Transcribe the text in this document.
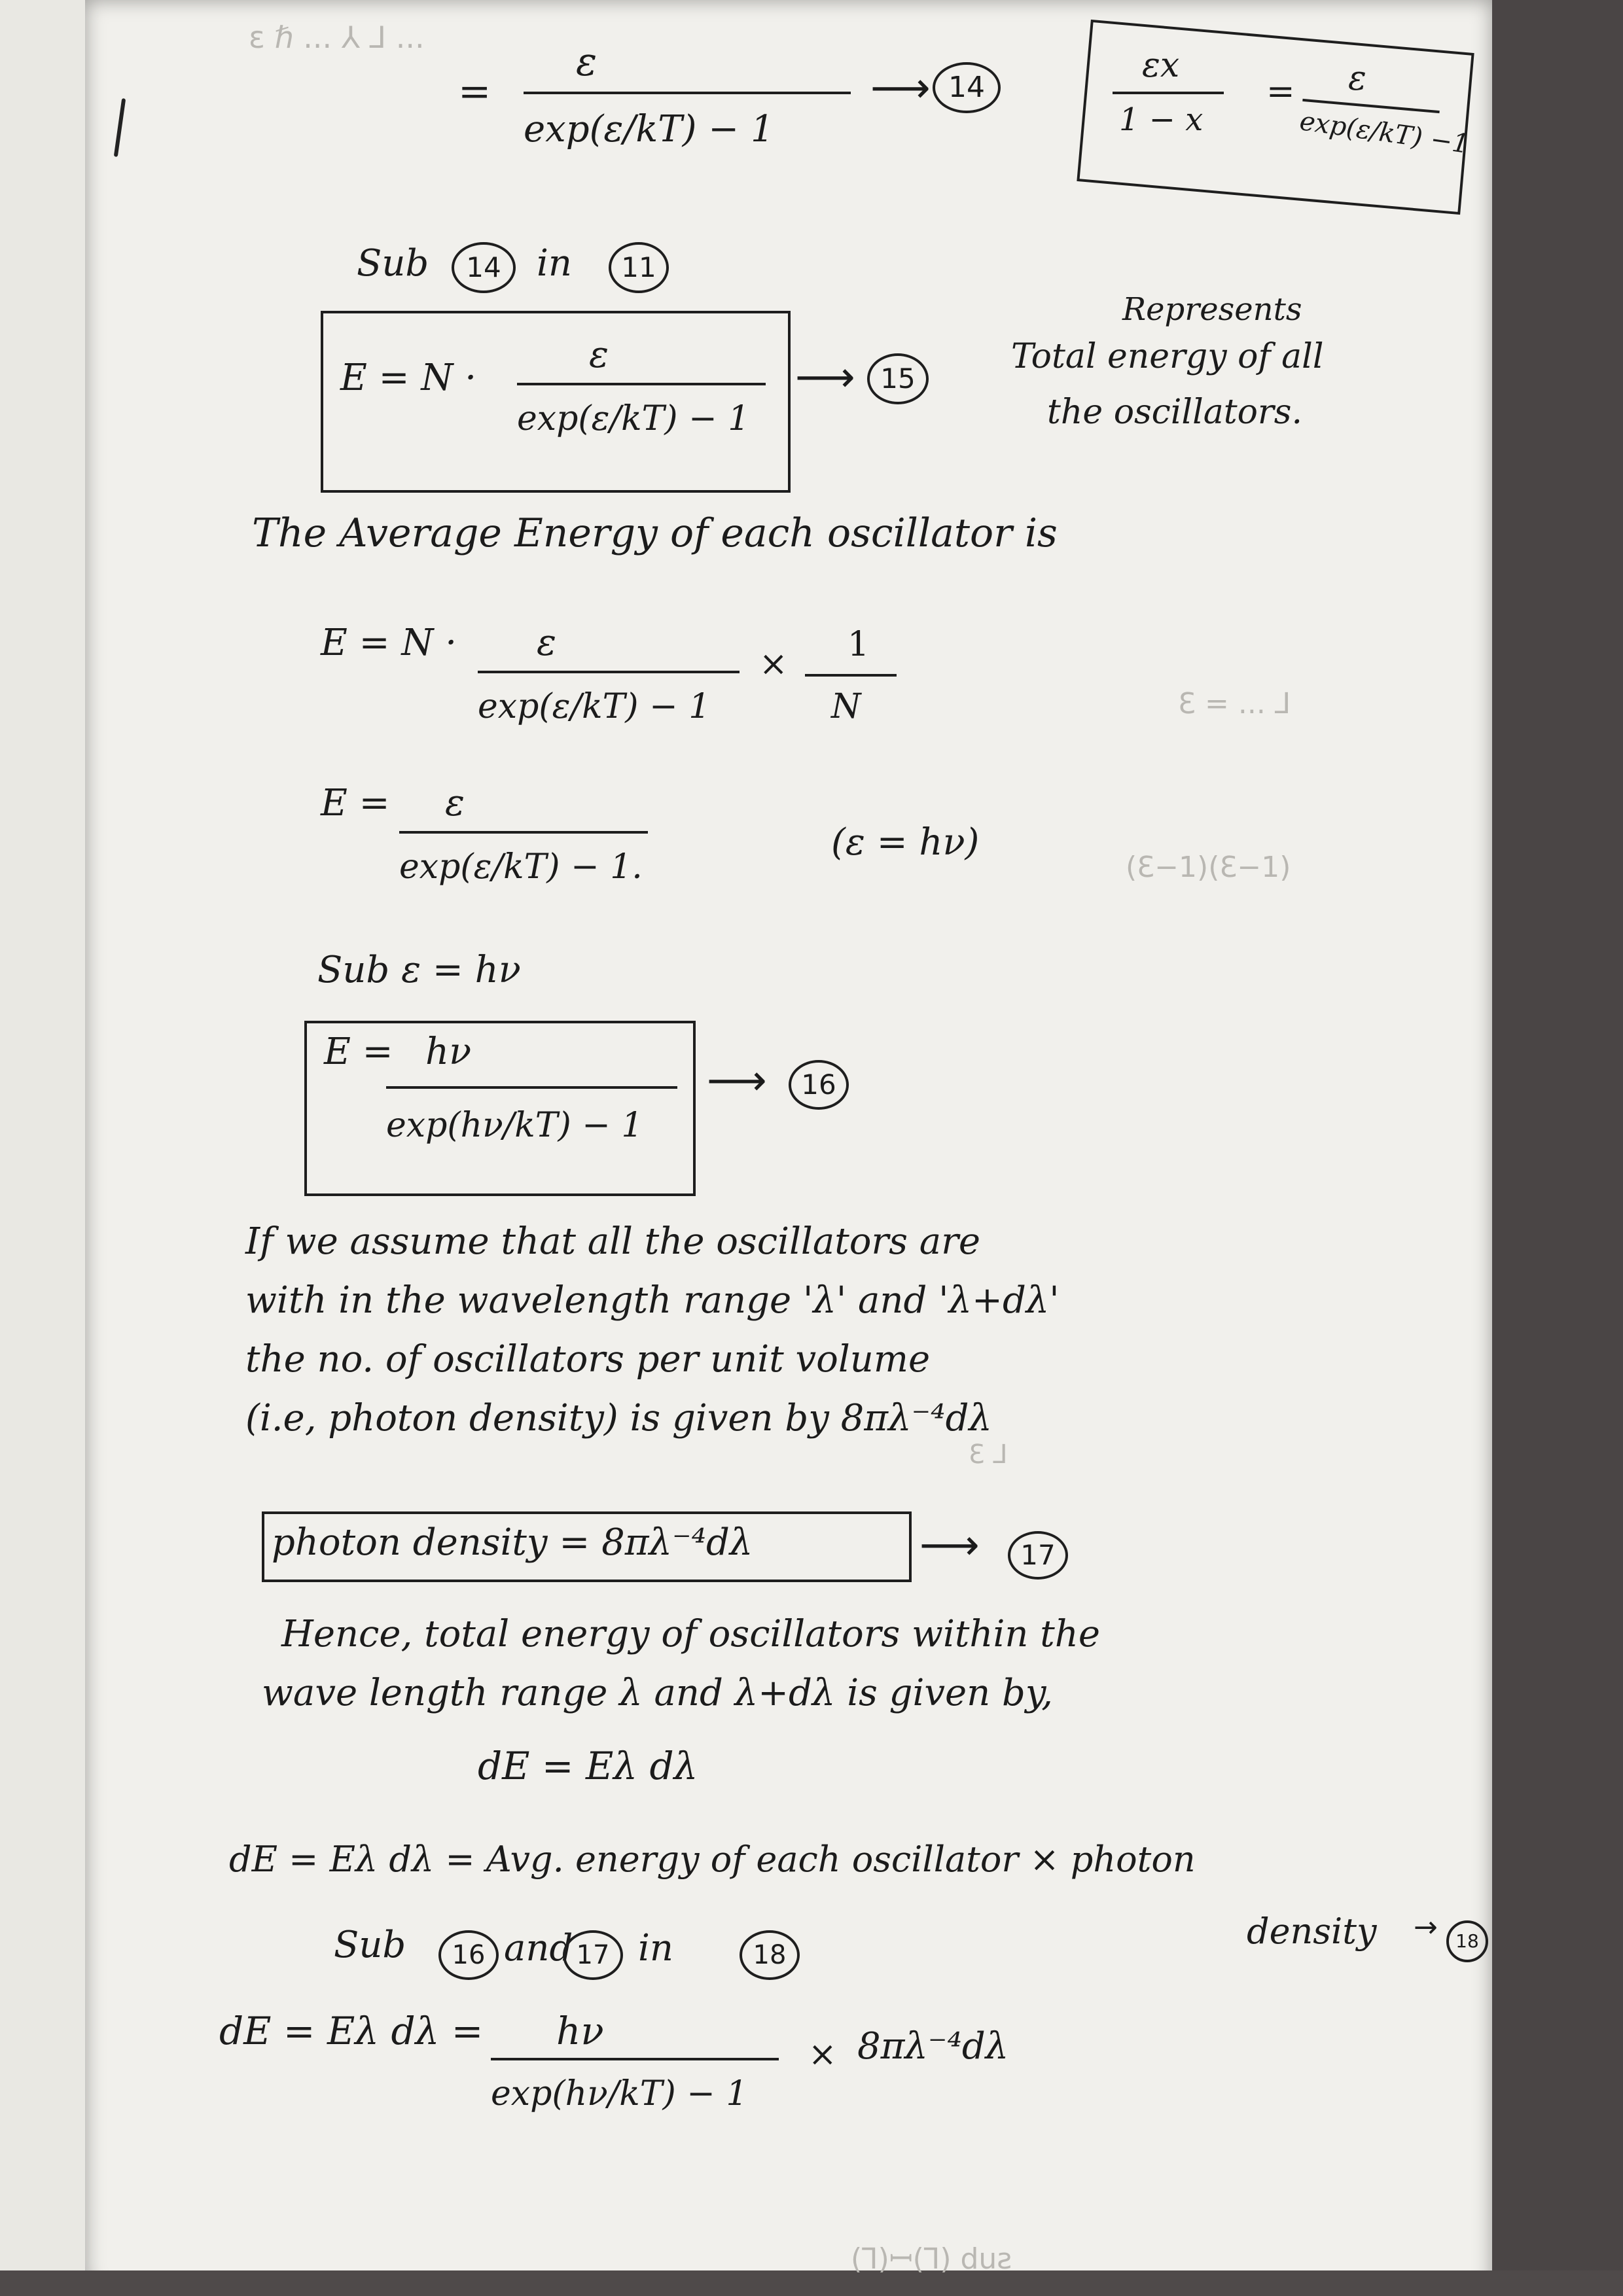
ε ℏ ... ⅄ ⅃ ...
ℇ = ... ⅃
(ℇ−1)(ℇ−1)
ℇ ⅃
(⅂)ꟷ(⅂) duƨ
=
ε
exp(ε/kT) − 1
⟶ 14
εx
1 − x
= ε
exp(ε/kT) −1
Sub	14 in	11
E = N ·
ε
exp(ε/kT) − 1
⟶ 15
Represents
Total energy of all
the oscillators.
The Average Energy of each oscillator is
E = N · ε
exp(ε/kT) − 1
× 1
N
E = ε
exp(ε/kT) − 1.
(ε = hν)
Sub ε = hν
E = hν
exp(hν/kT) − 1
⟶	16
If we assume that all the oscillators are
with in the wavelength range 'λ' and 'λ+dλ'
the no. of oscillators per unit volume
(i.e, photon density) is given by 8πλ⁻⁴dλ
photon density = 8πλ⁻⁴dλ	⟶	17
Hence, total energy of oscillators within the
wave length range λ and λ+dλ is given by,
dE = Eλ dλ
dE = Eλ dλ = Avg. energy of each oscillator × photon
density → 18
Sub	16 and 17 in	18
dE = Eλ dλ = hν
exp(hν/kT) − 1
× 8πλ⁻⁴dλ
